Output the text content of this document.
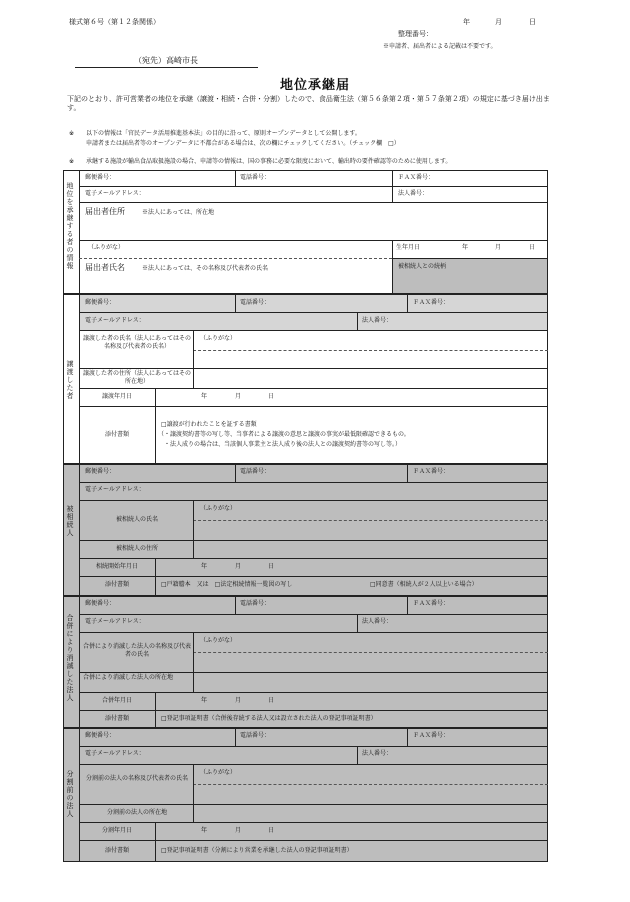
様式第６号（第１２条関係）	年	月	日
整理番号：
※申請者、届出者による記載は不要です。
（宛先）高崎市長
地位承継届
下記のとおり、許可営業者の地位を承継（譲渡・相続・合併・分割）したので、食品衛生法（第５６条第２項・第５７条第２項）の規定に基づき届け出ます。
※ 以下の情報は「官民データ活用推進基本法」の目的に沿って、原則オープンデータとして公開します。
申請者または届出者等のオープンデータに不都合がある場合は、次の欄にチェックしてください。（チェック欄　□）
※ 承継する施設が輸出食品取扱施設の場合、申請等の情報は、国の事務に必要な限度において、輸出時の要件確認等のために使用します。
地位を承継する者の情報
郵便番号：	電話番号：	ＦＡＸ番号：
電子メールアドレス：	法人番号：
届出者住所	※法人にあっては、所在地
（ふりがな）	生年月日	年	月	日
届出者氏名	※法人にあっては、その名称及び代表者の氏名	被相続人との続柄
譲渡した者
郵便番号：	電話番号：	ＦＡＸ番号：
電子メールアドレス：	法人番号：
譲渡した者の氏名（法人にあってはその名称及び代表者の氏名）
（ふりがな）
譲渡した者の住所（法人にあってはその所在地）
譲渡年月日	年	月	日
添付書類
□譲渡が行われたことを証する書類
（・譲渡契約書等の写し等、当事者による譲渡の意思と譲渡の事実が最低限確認できるもの。
・法人成りの場合は、当該個人事業主と法人成り後の法人との譲渡契約書等の写し等。）
被相続人
郵便番号：	電話番号：	ＦＡＸ番号：
電子メールアドレス：
被相続人の氏名
（ふりがな）
被相続人の住所
相続開始年月日	年	月	日
添付書類	□戸籍謄本　又は　□法定相続情報一覧図の写し	□同意書（相続人が２人以上いる場合）
合併により消滅した法人
郵便番号：	電話番号：	ＦＡＸ番号：
電子メールアドレス：	法人番号：
合併により消滅した法人の名称及び代表者の氏名
（ふりがな）
合併により消滅した法人の所在地
合併年月日	年	月	日
添付書類	□登記事項証明書（合併後存続する法人又は設立された法人の登記事項証明書）
分割前の法人
郵便番号：	電話番号：	ＦＡＸ番号：
電子メールアドレス：	法人番号：
分割前の法人の名称及び代表者の氏名
（ふりがな）
分割前の法人の所在地
分割年月日	年	月	日
添付書類	□登記事項証明書（分割により営業を承継した法人の登記事項証明書）
